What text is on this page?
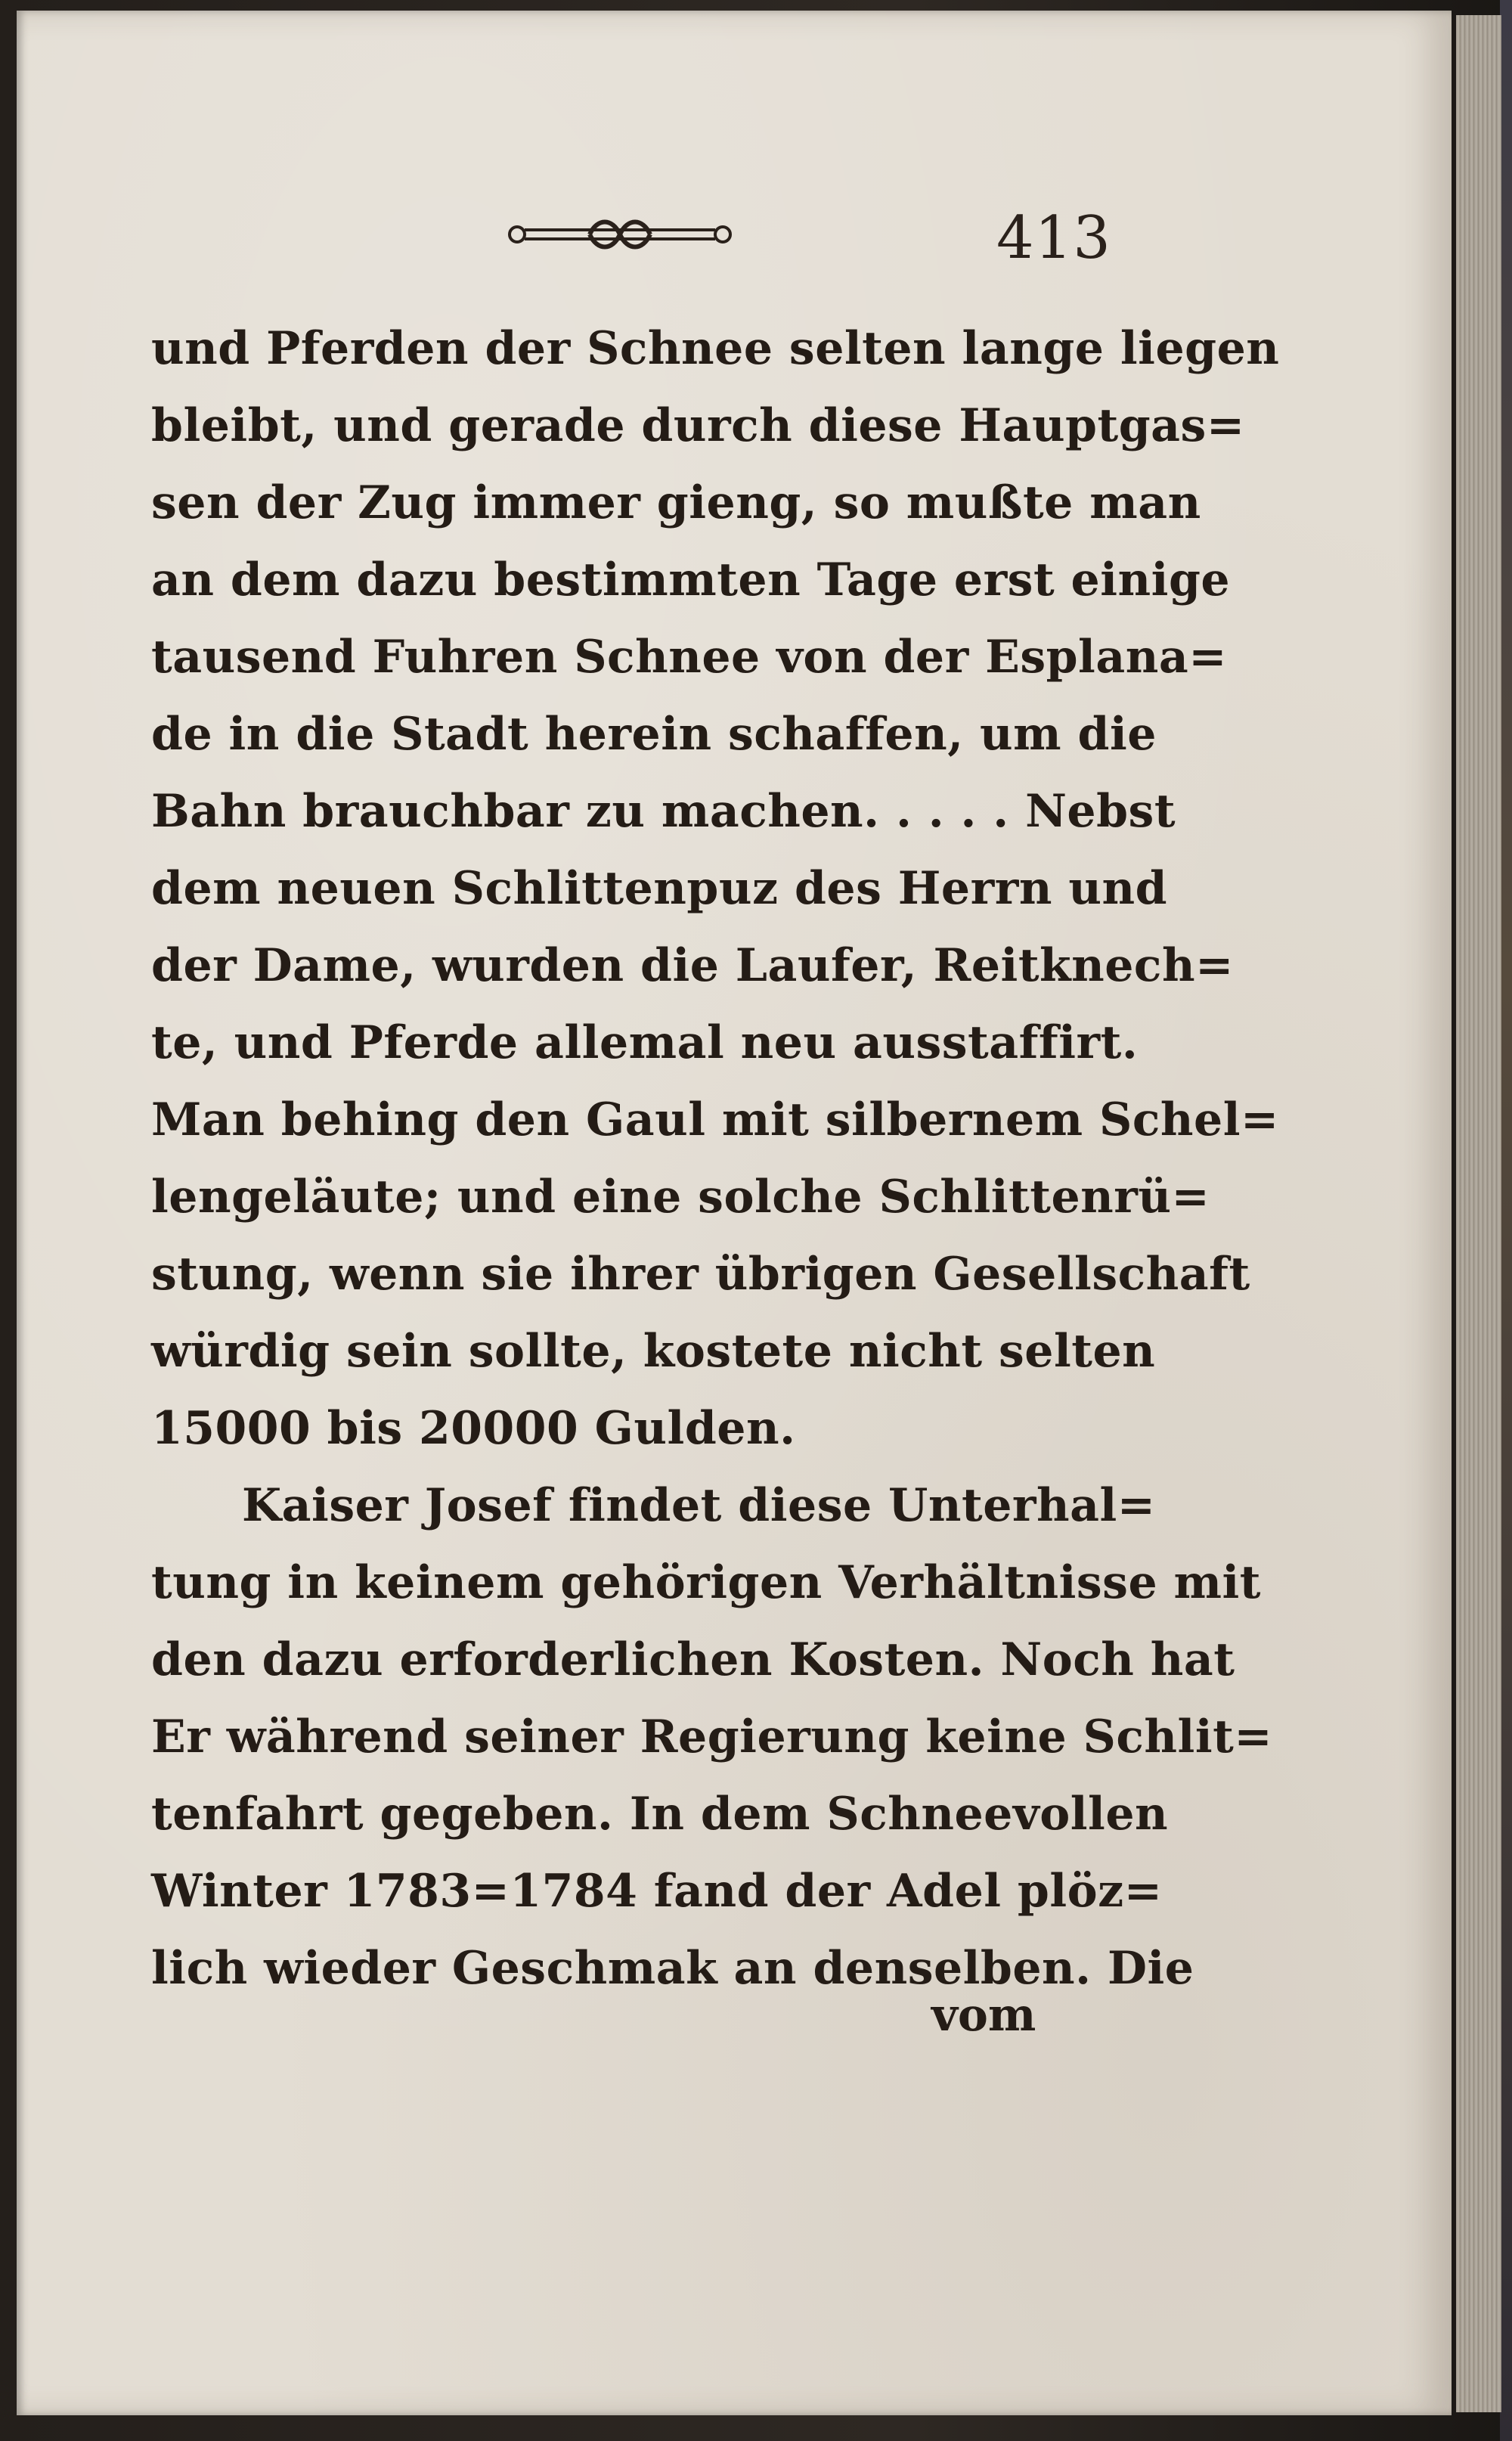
413
und Pferden der Schnee selten lange liegen
bleibt, und gerade durch diese Hauptgas=
sen der Zug immer gieng, so mußte man
an dem dazu bestimmten Tage erst einige
tausend Fuhren Schnee von der Esplana=
de in die Stadt herein schaffen, um die
Bahn brauchbar zu machen. . . . . Nebst
dem neuen Schlittenpuz des Herrn und
der Dame, wurden die Laufer, Reitknech=
te, und Pferde allemal neu ausstaffirt.
Man behing den Gaul mit silbernem Schel=
lengeläute; und eine solche Schlittenrü=
stung, wenn sie ihrer übrigen Gesellschaft
würdig sein sollte, kostete nicht selten
15000 bis 20000 Gulden.
Kaiser Josef findet diese Unterhal=
tung in keinem gehörigen Verhältnisse mit
den dazu erforderlichen Kosten. Noch hat
Er während seiner Regierung keine Schlit=
tenfahrt gegeben. In dem Schneevollen
Winter 1783=1784 fand der Adel plöz=
lich wieder Geschmak an denselben. Die
vom
